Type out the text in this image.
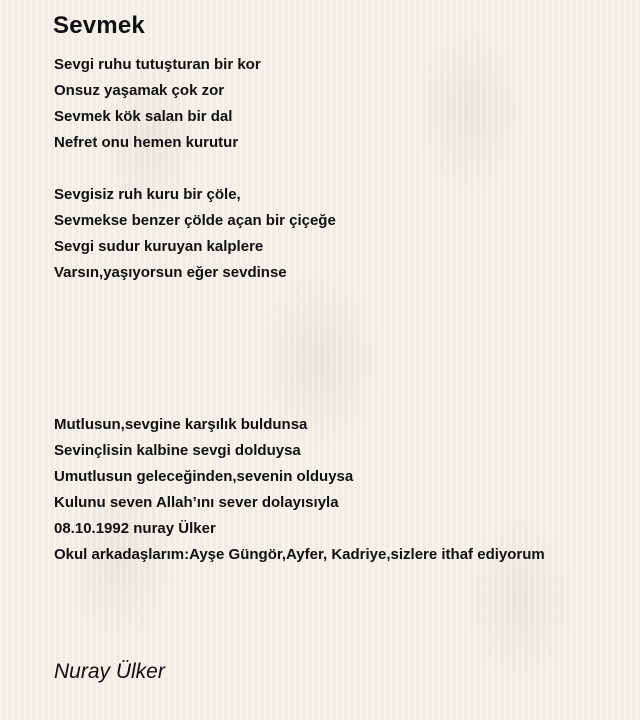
Sevmek
Sevgi ruhu tutuşturan bir kor
Onsuz yaşamak çok zor
Sevmek kök salan bir dal
Nefret onu hemen kurutur
Sevgisiz ruh kuru bir çöle,
Sevmekse benzer çölde açan bir çiçeğe
Sevgi sudur kuruyan kalplere
Varsın,yaşıyorsun eğer sevdinse
Mutlusun,sevgine karşılık buldunsa
Sevinçlisin kalbine sevgi dolduysa
Umutlusun geleceğinden,sevenin olduysa
Kulunu seven Allah’ını sever dolayısıyla
08.10.1992 nuray Ülker
Okul arkadaşlarım:Ayşe Güngör,Ayfer, Kadriye,sizlere ithaf ediyorum

Nuray Ülker
